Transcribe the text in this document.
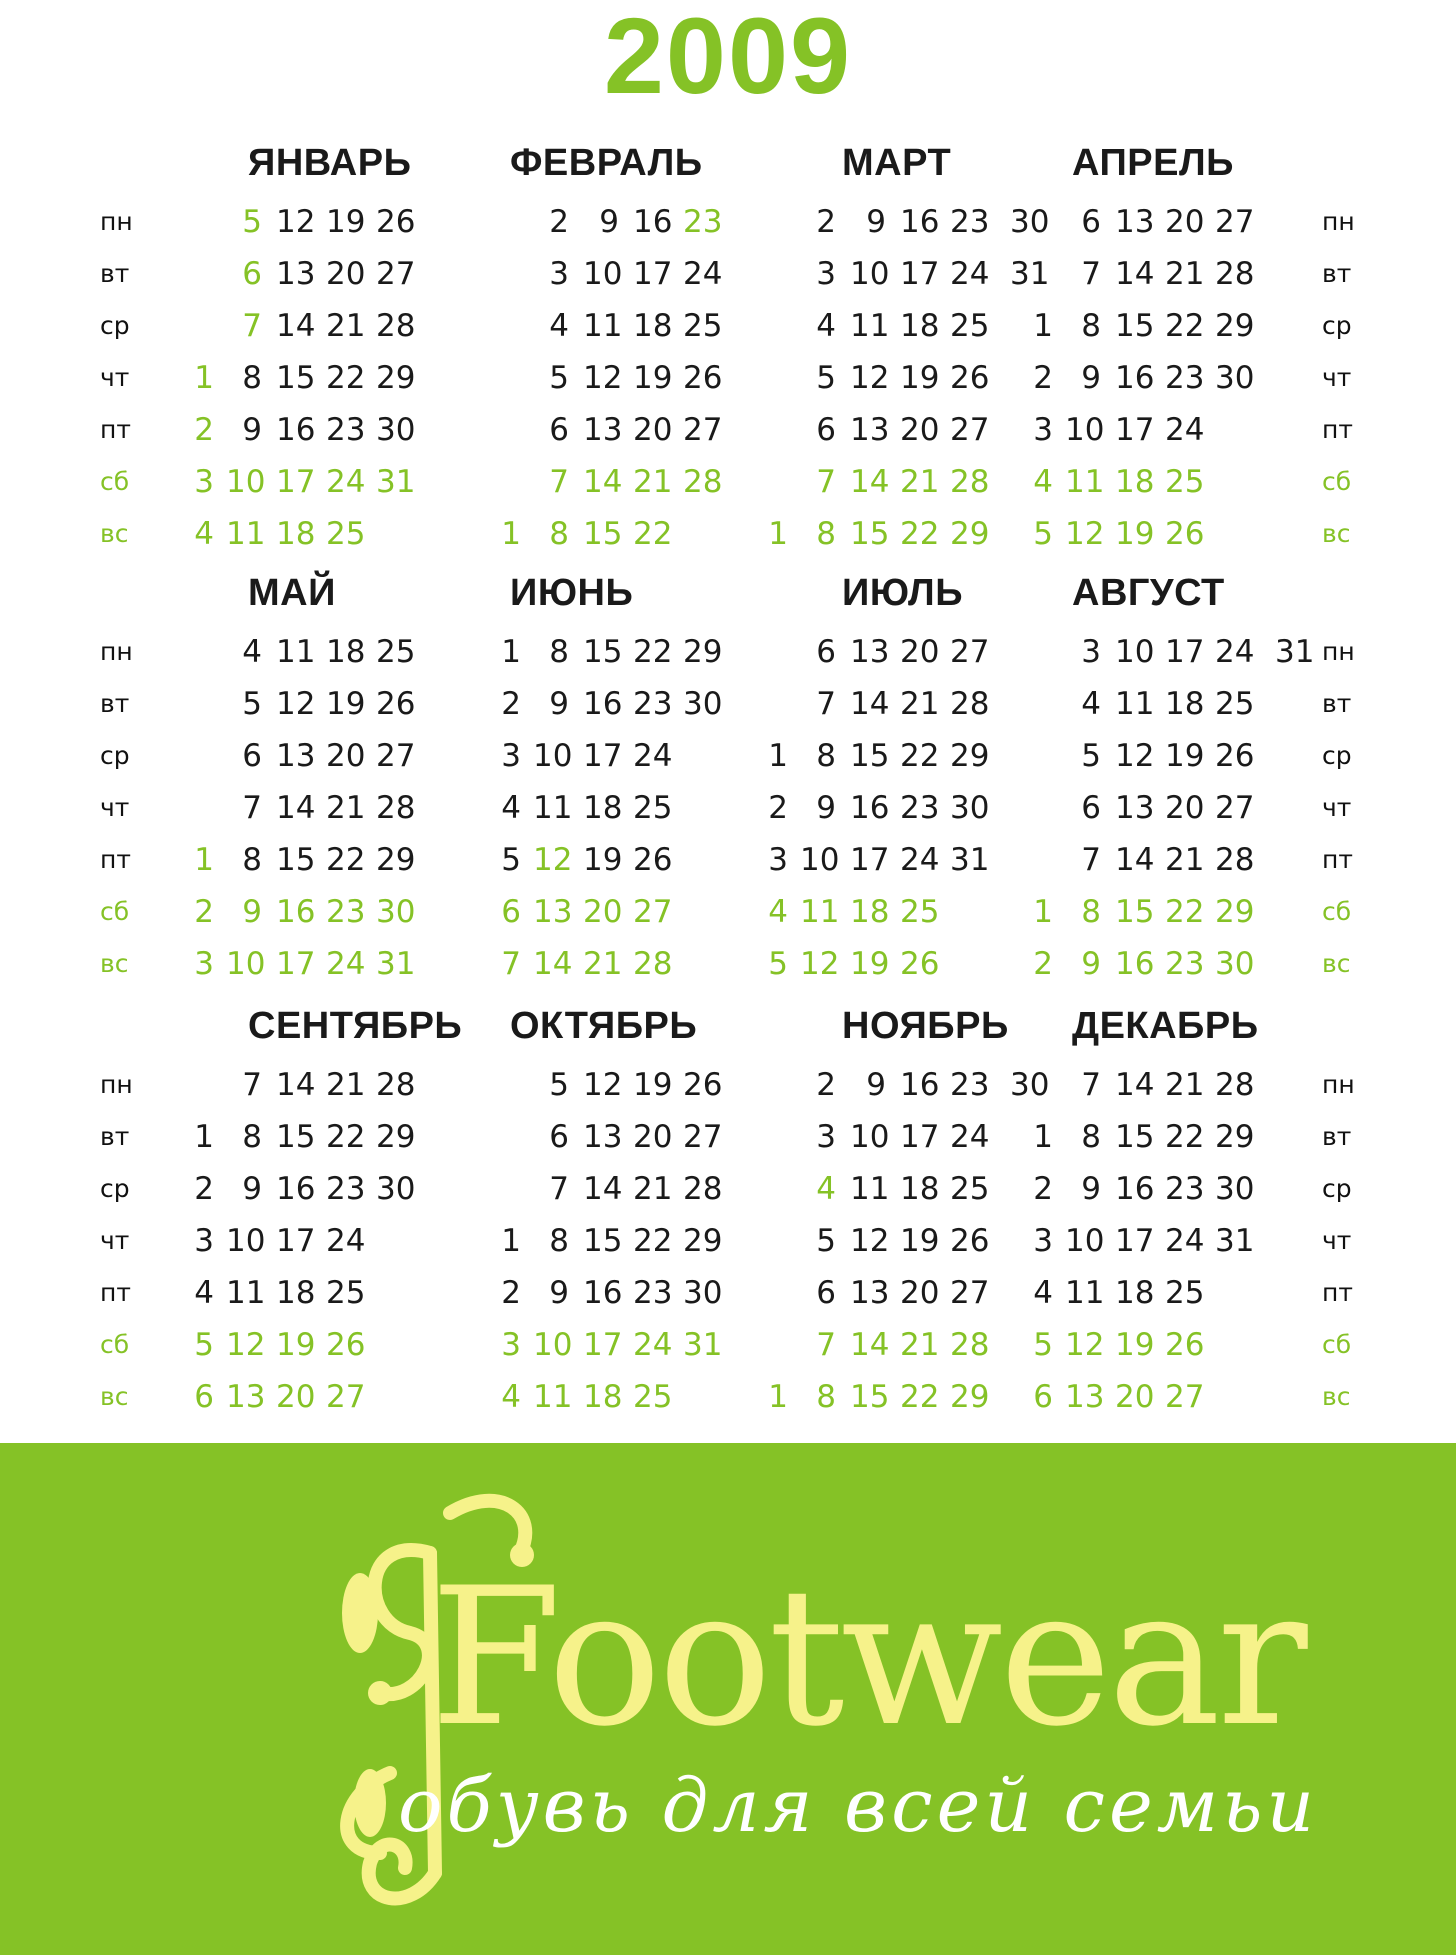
2009
пн
вт
ср
чт
пт
сб
вс
пн
вт
ср
чт
пт
сб
вс
ЯНВАРЬ
5 12 19 26
6 13 20 27
7 14 21 28
1 8 15 22 29
2 9 16 23 30
3 10 17 24 31
4 11 18 25
ФЕВРАЛЬ
2 9 16 23
3 10 17 24
4 11 18 25
5 12 19 26
6 13 20 27
7 14 21 28
1 8 15 22
МАРТ
2 9 16 23 30
3 10 17 24 31
4 11 18 25
5 12 19 26
6 13 20 27
7 14 21 28
1 8 15 22 29
АПРЕЛЬ
6 13 20 27
7 14 21 28
1 8 15 22 29
2 9 16 23 30
3 10 17 24
4 11 18 25
5 12 19 26
пн
вт
ср
чт
пт
сб
вс
пн
вт
ср
чт
пт
сб
вс
МАЙ
4 11 18 25
5 12 19 26
6 13 20 27
7 14 21 28
1 8 15 22 29
2 9 16 23 30
3 10 17 24 31
ИЮНЬ
1 8 15 22 29
2 9 16 23 30
3 10 17 24
4 11 18 25
5 12 19 26
6 13 20 27
7 14 21 28
ИЮЛЬ
6 13 20 27
7 14 21 28
1 8 15 22 29
2 9 16 23 30
3 10 17 24 31
4 11 18 25
5 12 19 26
АВГУСТ
3 10 17 24 31
4 11 18 25
5 12 19 26
6 13 20 27
7 14 21 28
1 8 15 22 29
2 9 16 23 30
пн
вт
ср
чт
пт
сб
вс
пн
вт
ср
чт
пт
сб
вс
СЕНТЯБРЬ
7 14 21 28
1 8 15 22 29
2 9 16 23 30
3 10 17 24
4 11 18 25
5 12 19 26
6 13 20 27
ОКТЯБРЬ
5 12 19 26
6 13 20 27
7 14 21 28
1 8 15 22 29
2 9 16 23 30
3 10 17 24 31
4 11 18 25
НОЯБРЬ
2 9 16 23 30
3 10 17 24
4 11 18 25
5 12 19 26
6 13 20 27
7 14 21 28
1 8 15 22 29
ДЕКАБРЬ
7 14 21 28
1 8 15 22 29
2 9 16 23 30
3 10 17 24 31
4 11 18 25
5 12 19 26
6 13 20 27
Footwear
обувь для всей семьи
